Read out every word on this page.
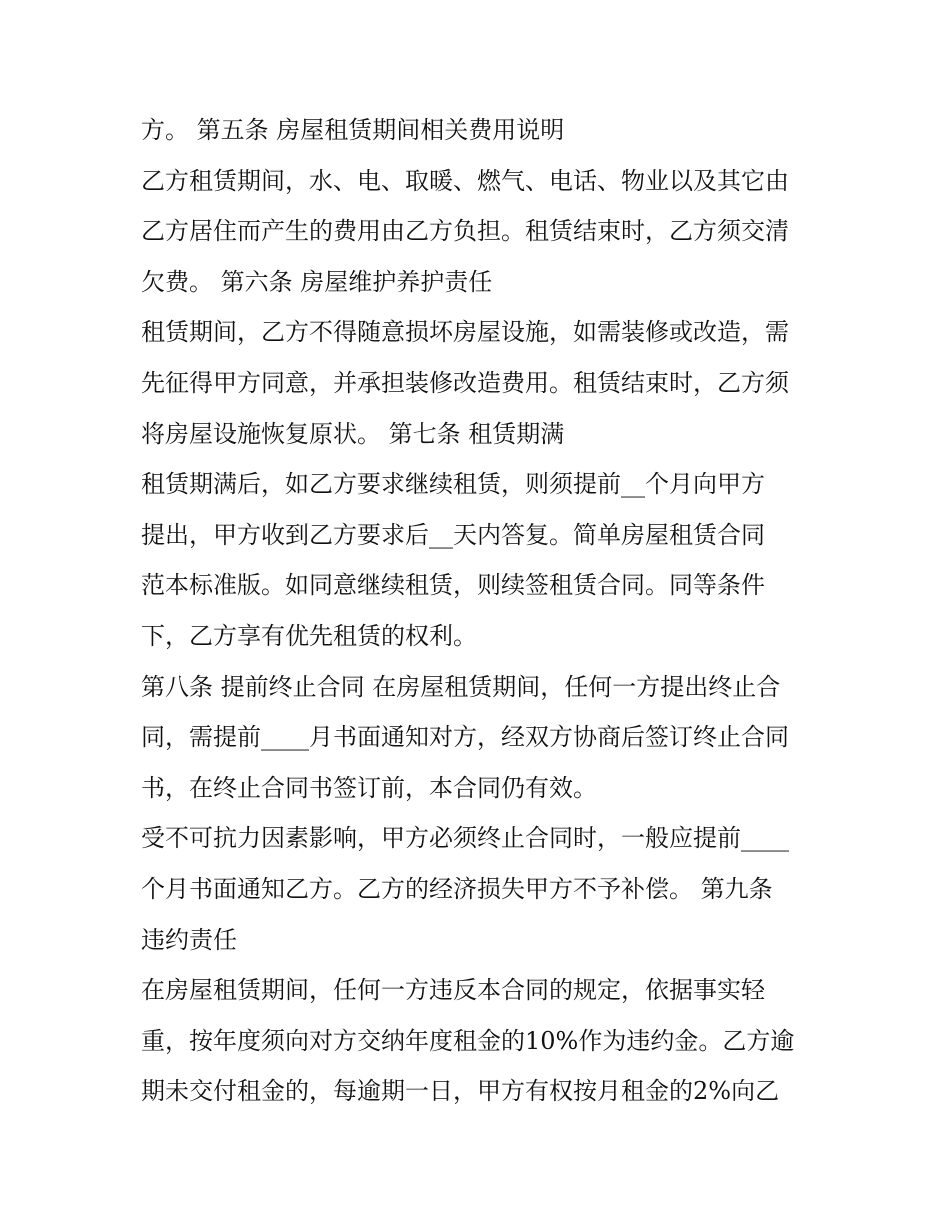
方。 第五条 房屋租赁期间相关费用说明
乙方租赁期间，水、电、取暖、燃气、电话、物业以及其它由
乙方居住而产生的费用由乙方负担。租赁结束时，乙方须交清
欠费。 第六条 房屋维护养护责任
租赁期间，乙方不得随意损坏房屋设施，如需装修或改造，需
先征得甲方同意，并承担装修改造费用。租赁结束时，乙方须
将房屋设施恢复原状。 第七条 租赁期满
租赁期满后，如乙方要求继续租赁，则须提前__个月向甲方
提出，甲方收到乙方要求后__天内答复。简单房屋租赁合同
范本标准版。如同意继续租赁，则续签租赁合同。同等条件
下，乙方享有优先租赁的权利。
第八条 提前终止合同 在房屋租赁期间，任何一方提出终止合
同，需提前____月书面通知对方，经双方协商后签订终止合同
书，在终止合同书签订前，本合同仍有效。
受不可抗力因素影响，甲方必须终止合同时，一般应提前____
个月书面通知乙方。乙方的经济损失甲方不予补偿。 第九条
违约责任
在房屋租赁期间，任何一方违反本合同的规定，依据事实轻
重，按年度须向对方交纳年度租金的10%作为违约金。乙方逾
期未交付租金的，每逾期一日，甲方有权按月租金的2%向乙
